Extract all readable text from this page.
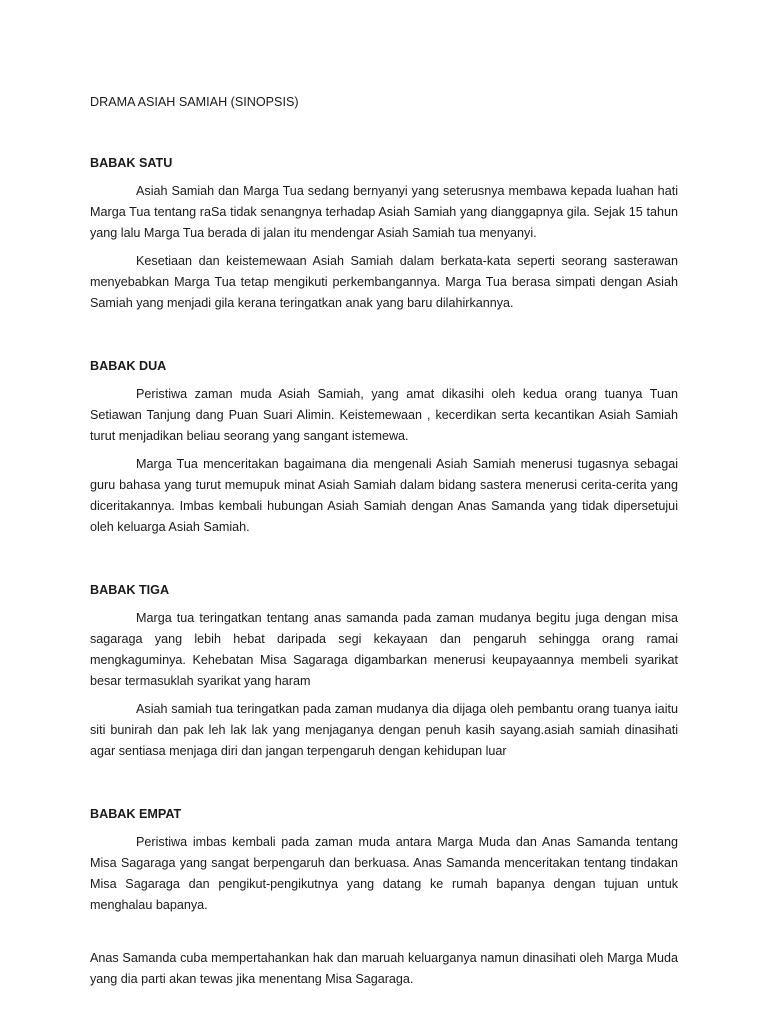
DRAMA ASIAH SAMIAH (SINOPSIS)
BABAK SATU

Asiah Samiah dan Marga Tua sedang bernyanyi yang seterusnya membawa kepada luahan hati Marga Tua tentang raSa tidak senangnya terhadap Asiah Samiah yang dianggapnya gila. Sejak 15 tahun yang lalu Marga Tua berada di jalan itu mendengar Asiah Samiah tua menyanyi.

Kesetiaan dan keistemewaan Asiah Samiah dalam berkata-kata seperti seorang sasterawan menyebabkan Marga Tua tetap mengikuti perkembangannya. Marga Tua berasa simpati dengan Asiah Samiah yang menjadi gila kerana teringatkan anak yang baru dilahirkannya.

BABAK DUA

Peristiwa zaman muda Asiah Samiah, yang amat dikasihi oleh kedua orang tuanya Tuan Setiawan Tanjung dang Puan Suari Alimin. Keistemewaan , kecerdikan serta kecantikan Asiah Samiah turut menjadikan beliau seorang yang sangant istemewa.

Marga Tua menceritakan bagaimana dia mengenali Asiah Samiah menerusi tugasnya sebagai guru bahasa yang turut memupuk minat Asiah Samiah dalam bidang sastera menerusi cerita-cerita yang diceritakannya. Imbas kembali hubungan Asiah Samiah dengan Anas Samanda yang tidak dipersetujui oleh keluarga Asiah Samiah.

BABAK TIGA

Marga tua teringatkan tentang anas samanda pada zaman mudanya begitu juga dengan misa sagaraga yang lebih hebat daripada segi kekayaan dan pengaruh sehingga orang ramai mengkaguminya. Kehebatan Misa Sagaraga digambarkan menerusi keupayaannya membeli syarikat besar termasuklah syarikat yang haram

Asiah samiah tua teringatkan pada zaman mudanya dia dijaga oleh pembantu orang tuanya iaitu siti bunirah dan pak leh lak lak yang menjaganya dengan penuh kasih sayang.asiah samiah dinasihati agar sentiasa menjaga diri dan jangan terpengaruh dengan kehidupan luar

BABAK EMPAT

Peristiwa imbas kembali pada zaman muda antara Marga Muda dan Anas Samanda tentang Misa Sagaraga yang sangat berpengaruh dan berkuasa. Anas Samanda menceritakan tentang tindakan Misa Sagaraga dan pengikut-pengikutnya yang datang ke rumah bapanya dengan tujuan untuk menghalau bapanya.

Anas Samanda cuba mempertahankan hak dan maruah keluarganya namun dinasihati oleh Marga Muda yang dia parti akan tewas jika menentang Misa Sagaraga.
